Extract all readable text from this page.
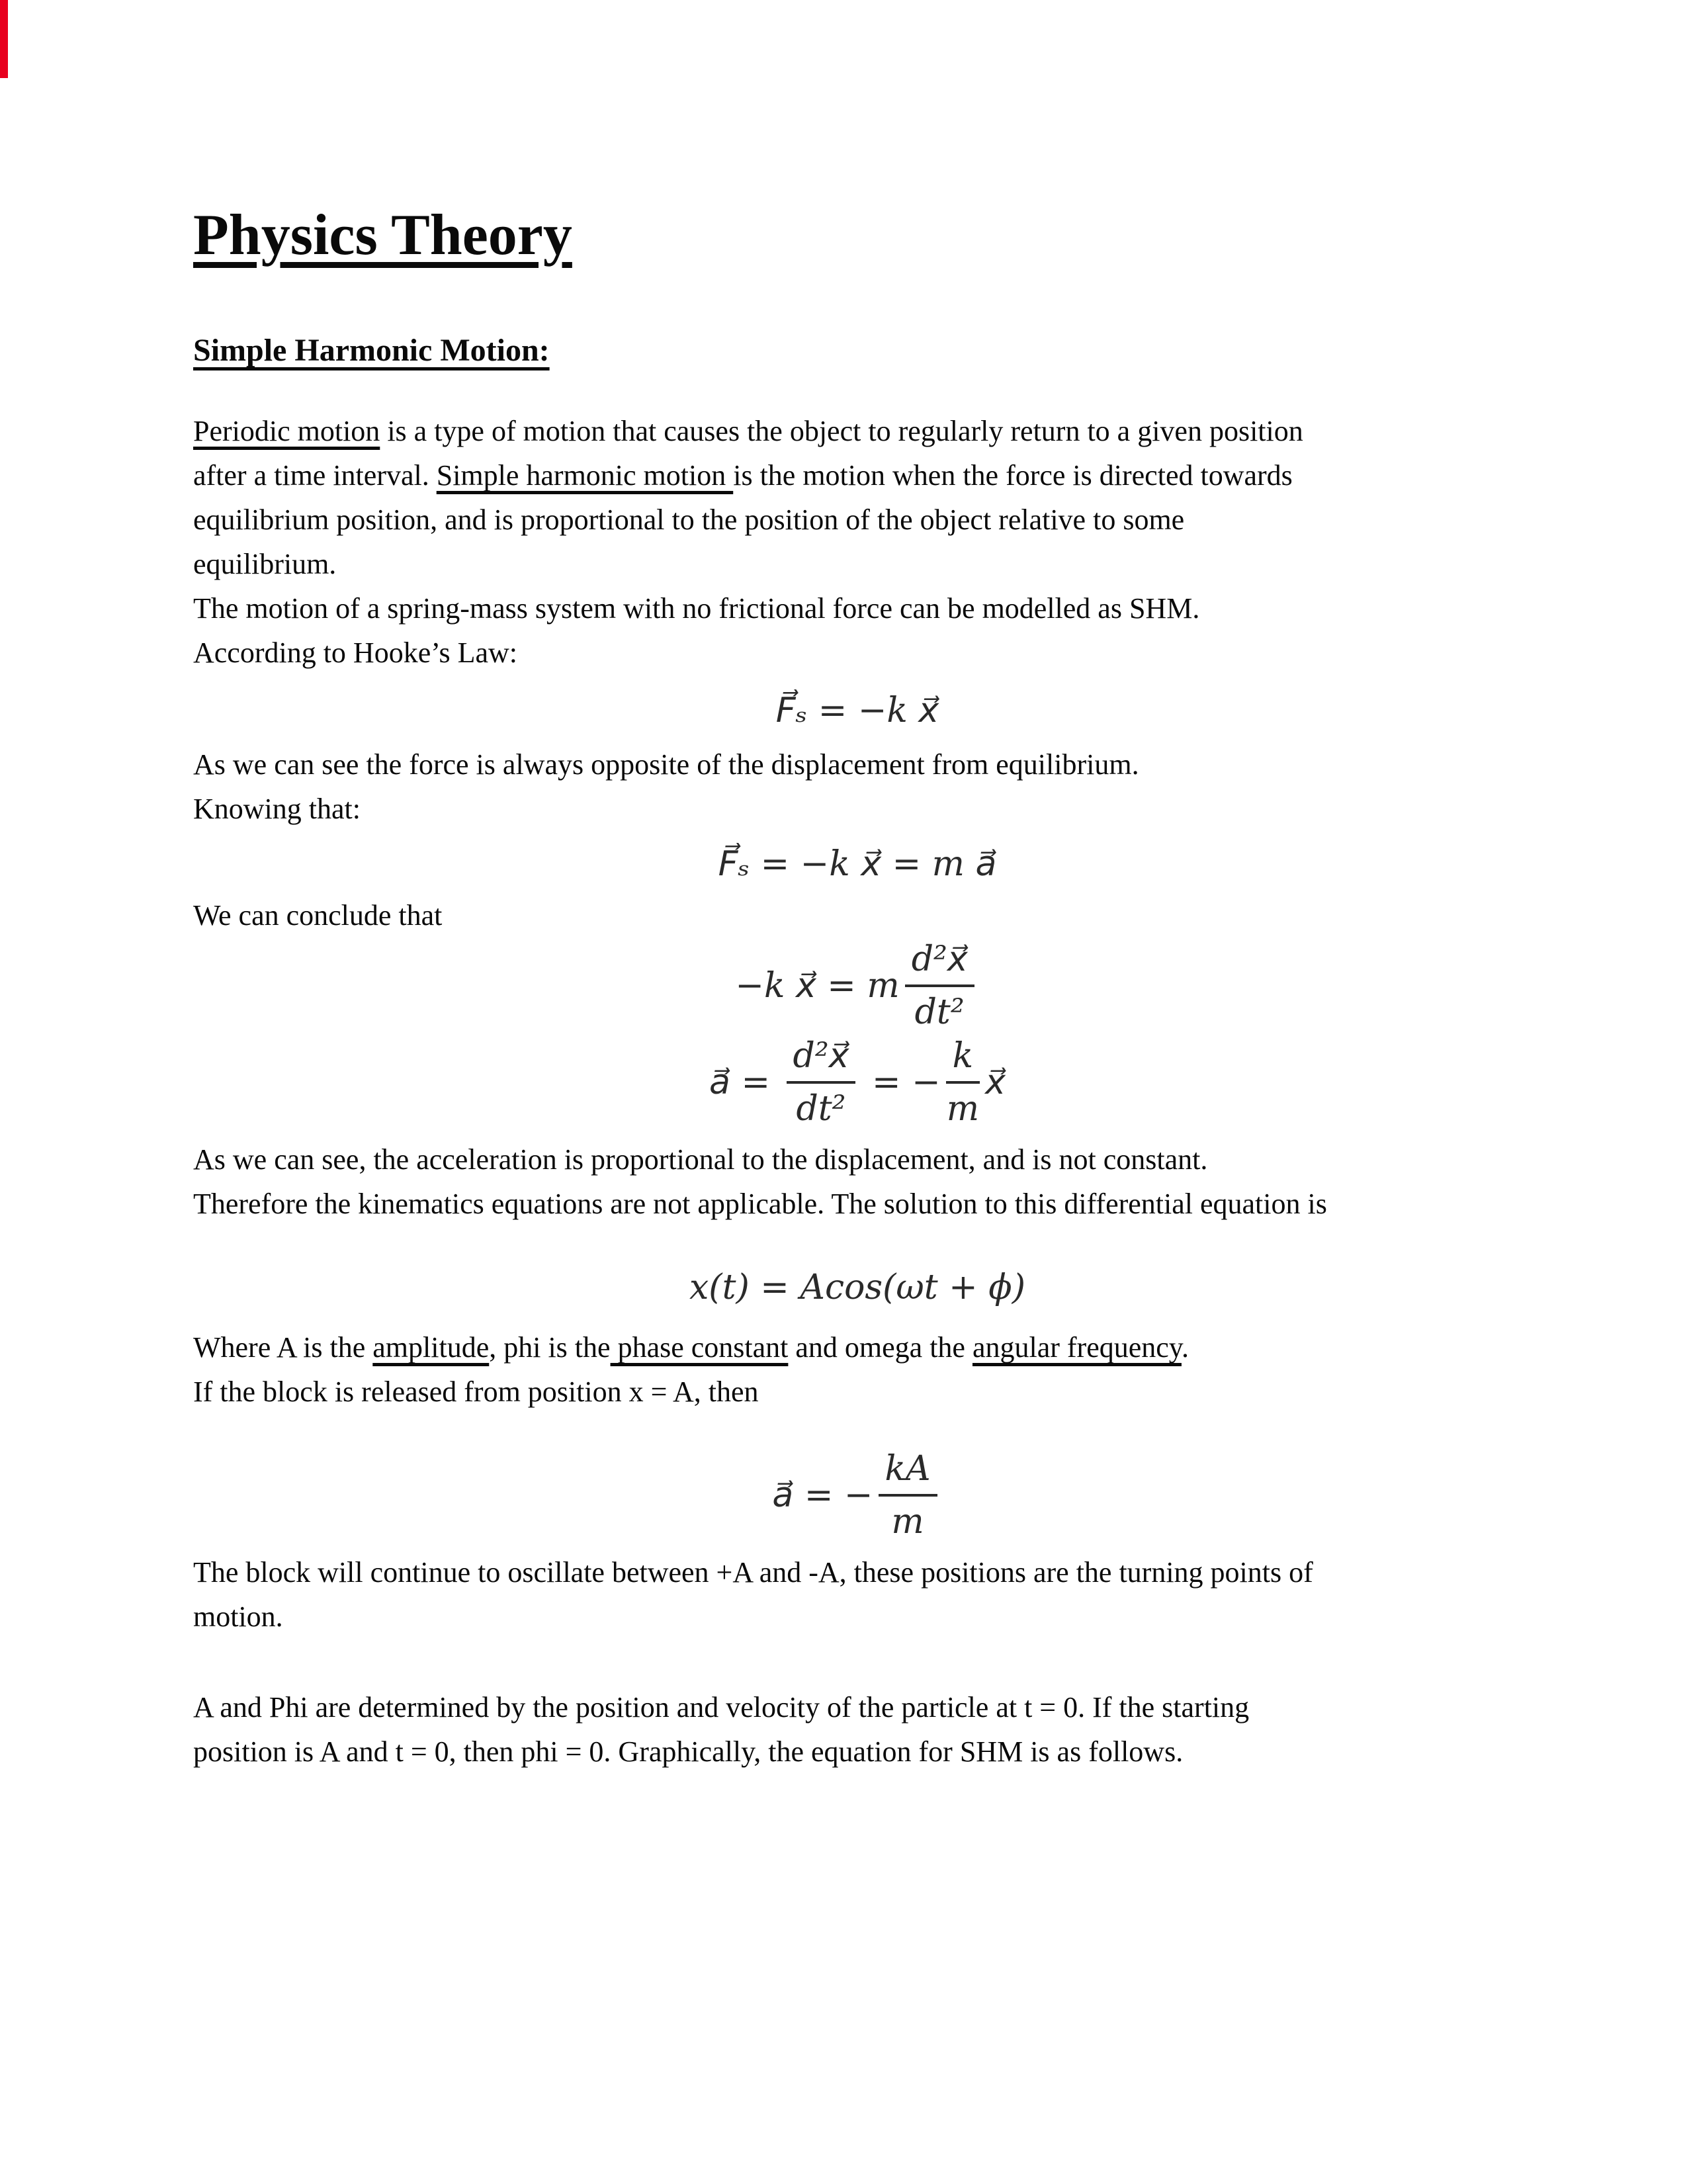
Physics Theory
Simple Harmonic Motion:

Periodic motion is a type of motion that causes the object to regularly return to a given position
after a time interval. Simple harmonic motion is the motion when the force is directed towards
equilibrium position, and is proportional to the position of the object relative to some
equilibrium.

The motion of a spring-mass system with no frictional force can be modelled as SHM.
According to Hooke’s Law:

F⃗ₛ = −k x⃗

As we can see the force is always opposite of the displacement from equilibrium.
Knowing that:

F⃗ₛ = −k x⃗ = m a⃗

We can conclude that

−k x⃗ = m $\frac{\text{d²x⃗}}{\text{dt²}}$
a⃗ = $\frac{\text{d²x⃗}}{\text{dt²}}$ = − $\frac{k}{m}$ x⃗

As we can see, the acceleration is proportional to the displacement, and is not constant.
Therefore the kinematics equations are not applicable. The solution to this differential equation is

x(t) = Acos(ωt + ϕ)

Where A is the amplitude, phi is the phase constant and omega the angular frequency.
If the block is released from position x = A, then

a⃗ = − $\frac{kA}{m}$

The block will continue to oscillate between +A and -A, these positions are the turning points of
motion.

A and Phi are determined by the position and velocity of the particle at t = 0. If the starting
position is A and t = 0, then phi = 0. Graphically, the equation for SHM is as follows.
